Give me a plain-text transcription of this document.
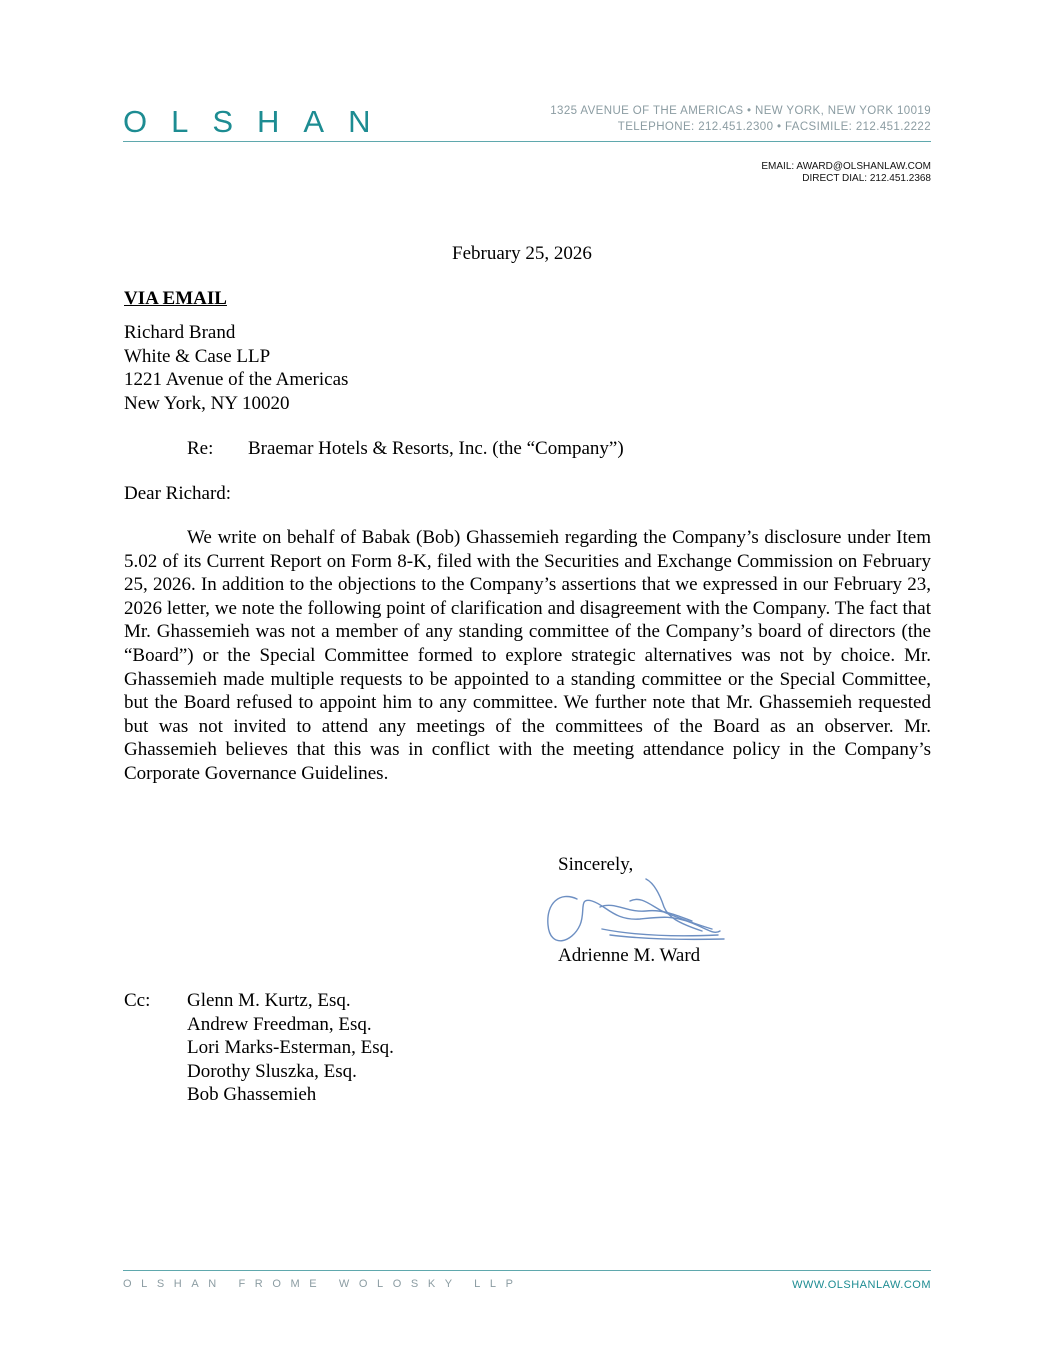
OLSHAN	1325 AVENUE OF THE AMERICAS • NEW YORK, NEW YORK 10019
TELEPHONE: 212.451.2300 • FACSIMILE: 212.451.2222
EMAIL: AWARD@OLSHANLAW.COM
DIRECT DIAL: 212.451.2368
February 25, 2026
VIA EMAIL
Richard Brand
White & Case LLP
1221 Avenue of the Americas
New York, NY 10020
Re: Braemar Hotels & Resorts, Inc. (the “Company”)
Dear Richard:
We write on behalf of Babak (Bob) Ghassemieh regarding the Company’s disclosure under Item 5.02 of its Current Report on Form 8-K, filed with the Securities and Exchange Commission on February 25, 2026. In addition to the objections to the Company’s assertions that we expressed in our February 23, 2026 letter, we note the following point of clarification and disagreement with the Company. The fact that Mr. Ghassemieh was not a member of any standing committee of the Company’s board of directors (the “Board”) or the Special Committee formed to explore strategic alternatives was not by choice. Mr. Ghassemieh made multiple requests to be appointed to a standing committee or the Special Committee, but the Board refused to appoint him to any committee. We further note that Mr. Ghassemieh requested but was not invited to attend any meetings of the committees of the Board as an observer. Mr. Ghassemieh believes that this was in conflict with the meeting attendance policy in the Company’s Corporate Governance Guidelines.
Sincerely,
Adrienne M. Ward
Cc: Glenn M. Kurtz, Esq.
Andrew Freedman, Esq.
Lori Marks-Esterman, Esq.
Dorothy Sluszka, Esq.
Bob Ghassemieh
OLSHAN FROME WOLOSKY LLP	WWW.OLSHANLAW.COM
